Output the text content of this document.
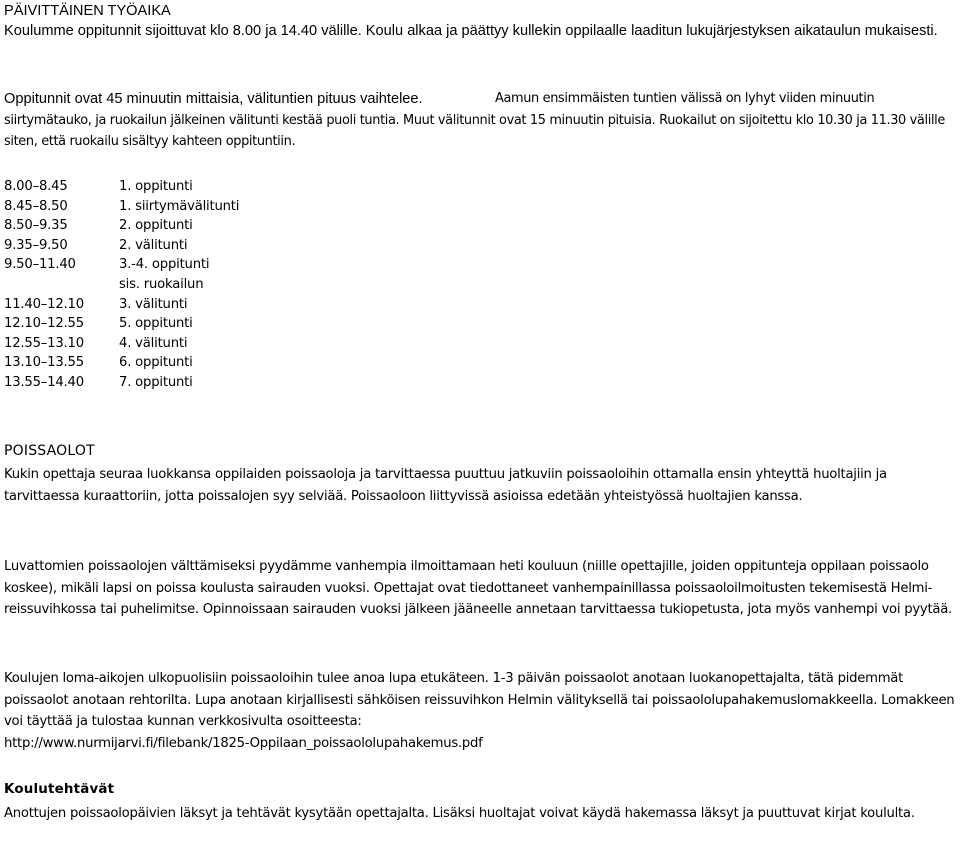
PÄIVITTÄINEN TYÖAIKA

Koulumme oppitunnit sijoittuvat klo 8.00 ja 14.40 välille. Koulu alkaa ja päättyy kullekin oppilaalle laaditun lukujärjestyksen aikataulun mukaisesti.

Oppitunnit ovat 45 minuutin mittaisia, välituntien pituus vaihtelee.	Aamun ensimmäisten tuntien välissä on lyhyt viiden minuutin siirtymätauko, ja ruokailun jälkeinen välitunti kestää puoli tuntia. Muut välitunnit ovat 15 minuutin pituisia. Ruokailut on sijoitettu klo 10.30 ja 11.30 välille siten, että ruokailu sisältyy kahteen oppituntiin.

8.00–8.45	1. oppitunti
8.45–8.50	1. siirtymävälitunti
8.50–9.35	2. oppitunti
9.35–9.50	2. välitunti
9.50–11.40	3.-4. oppitunti
sis. ruokailun
11.40–12.10	3. välitunti
12.10–12.55	5. oppitunti
12.55–13.10	4. välitunti
13.10–13.55	6. oppitunti
13.55–14.40	7. oppitunti
POISSAOLOT

Kukin opettaja seuraa luokkansa oppilaiden poissaoloja ja tarvittaessa puuttuu jatkuviin poissaoloihin ottamalla ensin yhteyttä huoltajiin ja tarvittaessa kuraattoriin, jotta poissalojen syy selviää. Poissaoloon liittyvissä asioissa edetään yhteistyössä huoltajien kanssa.

Luvattomien poissaolojen välttämiseksi pyydämme vanhempia ilmoittamaan heti kouluun (niille opettajille, joiden oppitunteja oppilaan poissaolo koskee), mikäli lapsi on poissa koulusta sairauden vuoksi. Opettajat ovat tiedottaneet vanhempainillassa poissaoloilmoitusten tekemisestä Helmi-reissuvihkossa tai puhelimitse. Opinnoissaan sairauden vuoksi jälkeen jääneelle annetaan tarvittaessa tukiopetusta, jota myös vanhempi voi pyytää.

Koulujen loma-aikojen ulkopuolisiin poissaoloihin tulee anoa lupa etukäteen. 1-3 päivän poissaolot anotaan luokanopettajalta, tätä pidemmät poissaolot anotaan rehtorilta. Lupa anotaan kirjallisesti sähköisen reissuvihkon Helmin välityksellä tai poissaololupahakemuslomakkeella. Lomakkeen voi täyttää ja tulostaa kunnan verkkosivulta osoitteesta:
http://www.nurmijarvi.fi/filebank/1825-Oppilaan_poissaololupahakemus.pdf

Koulutehtävät

Anottujen poissaolopäivien läksyt ja tehtävät kysytään opettajalta. Lisäksi huoltajat voivat käydä hakemassa läksyt ja puuttuvat kirjat koululta.
